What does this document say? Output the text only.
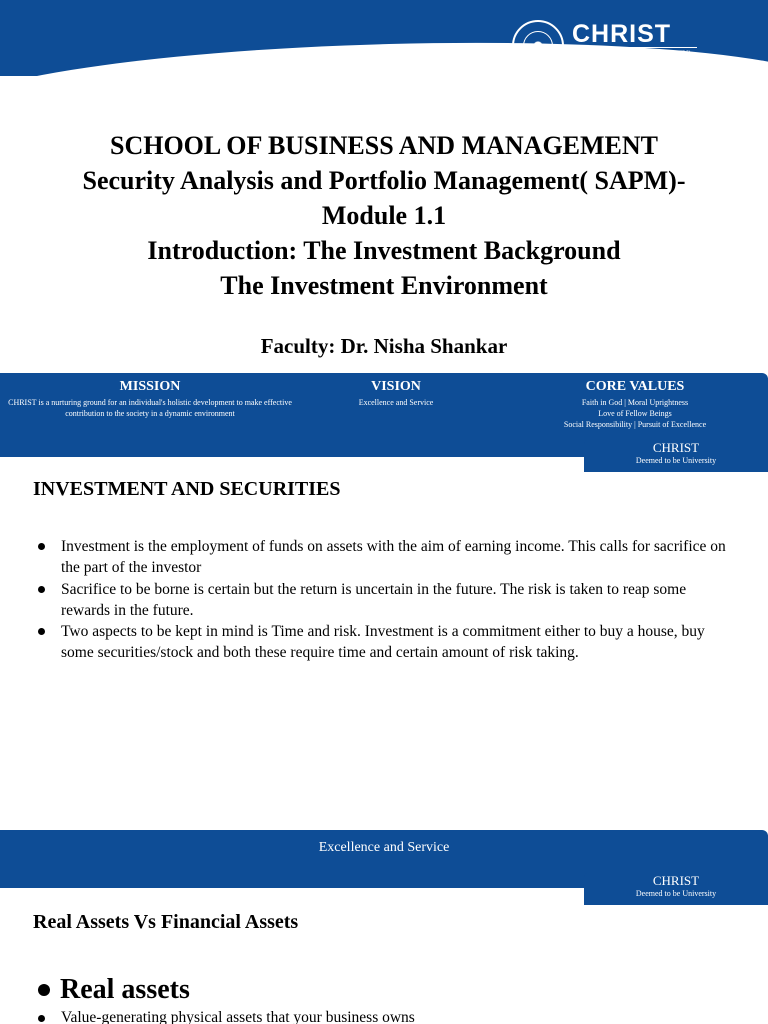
CHRIST
(DEEMED TO BE UNIVERSITY)
BANGALORE · INDIA
SCHOOL OF BUSINESS AND MANAGEMENT
Security Analysis and Portfolio Management( SAPM)-
Module 1.1
Introduction: The Investment Background
The Investment Environment
Faculty: Dr. Nisha Shankar
MISSION
CHRIST is a nurturing ground for an individual's holistic development to make effective contribution to the society in a dynamic environment
VISION
Excellence and Service
CORE VALUES
Faith in God | Moral Uprightness
Love of Fellow Beings
Social Responsibility | Pursuit of Excellence
CHRIST
Deemed to be University
INVESTMENT AND SECURITIES
Investment is the employment of funds on assets with the aim of earning income. This calls for sacrifice on the part of the investor
Sacrifice to be borne is certain but the return is uncertain in the future. The risk is taken to reap some rewards in the future.
Two aspects to be kept in mind is Time and risk. Investment is a commitment either to buy a house, buy some securities/stock and both these require time and certain amount of risk taking.
Excellence and Service
CHRIST
Deemed to be University
Real Assets Vs Financial Assets
Real assets
Value-generating physical assets that your business owns
